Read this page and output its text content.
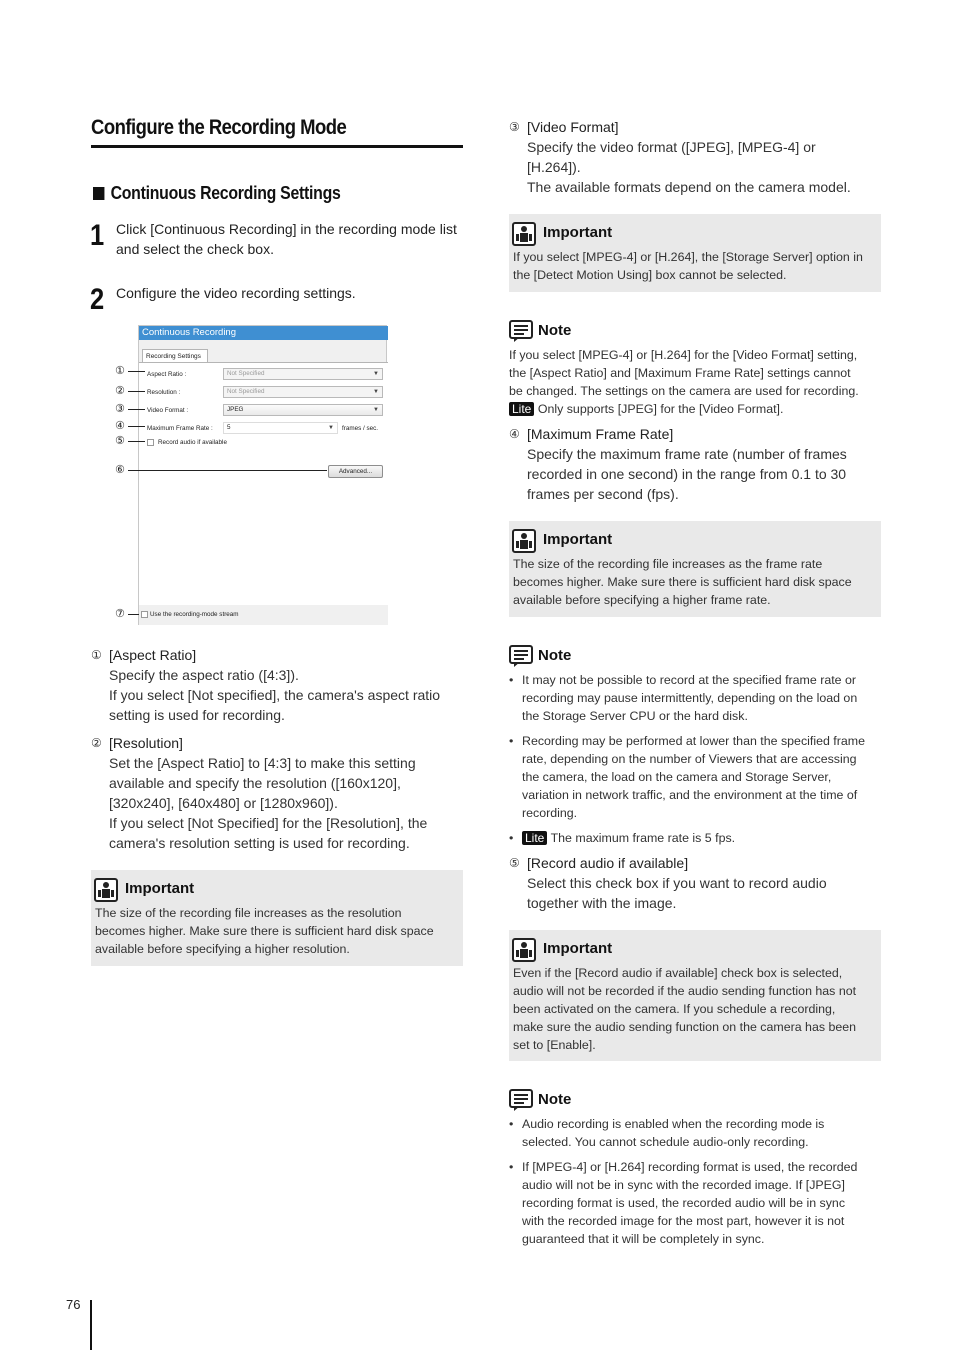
Configure the Recording Mode
Continuous Recording Settings
1 Click [Continuous Recording] in the recording mode list and select the check box.
2 Configure the video recording settings.
Continuous Recording
Recording Settings
Aspect Ratio :	Not Specified	▼
Resolution :	Not Specified	▼
Video Format :	JPEG	▼
Maximum Frame Rate :	5	▼ frames / sec.
Record audio if available
Advanced...
Use the recording-mode stream
①
②
③
④
⑤
⑥
⑦
① [Aspect Ratio]
Specify the aspect ratio ([4:3]).
If you select [Not specified], the camera's aspect ratio
setting is used for recording.
② [Resolution]
Set the [Aspect Ratio] to [4:3] to make this setting
available and specify the resolution ([160x120],
[320x240], [640x480] or [1280x960]).
If you select [Not Specified] for the [Resolution], the
camera's resolution setting is used for recording.
Important
The size of the recording file increases as the resolution
becomes higher. Make sure there is sufficient hard disk space
available before specifying a higher resolution.
③ [Video Format]
Specify the video format ([JPEG], [MPEG-4] or
[H.264]).
The available formats depend on the camera model.
Important
If you select [MPEG-4] or [H.264], the [Storage Server] option in
the [Detect Motion Using] box cannot be selected.
Note
If you select [MPEG-4] or [H.264] for the [Video Format] setting,
the [Aspect Ratio] and [Maximum Frame Rate] settings cannot
be changed. The settings on the camera are used for recording.
Lite Only supports [JPEG] for the [Video Format].
④ [Maximum Frame Rate]
Specify the maximum frame rate (number of frames
recorded in one second) in the range from 0.1 to 30
frames per second (fps).
Important
The size of the recording file increases as the frame rate
becomes higher. Make sure there is sufficient hard disk space
available before specifying a higher frame rate.
Note
• It may not be possible to record at the specified frame rate or
recording may pause intermittently, depending on the load on
the Storage Server CPU or the hard disk.
• Recording may be performed at lower than the specified frame
rate, depending on the number of Viewers that are accessing
the camera, the load on the camera and Storage Server,
variation in network traffic, and the environment at the time of
recording.
• Lite The maximum frame rate is 5 fps.
⑤ [Record audio if available]
Select this check box if you want to record audio
together with the image.
Important
Even if the [Record audio if available] check box is selected,
audio will not be recorded if the audio sending function has not
been activated on the camera. If you schedule a recording,
make sure the audio sending function on the camera has been
set to [Enable].
Note
• Audio recording is enabled when the recording mode is
selected. You cannot schedule audio-only recording.
• If [MPEG-4] or [H.264] recording format is used, the recorded
audio will not be in sync with the recorded image. If [JPEG]
recording format is used, the recorded audio will be in sync
with the recorded image for the most part, however it is not
guaranteed that it will be completely in sync.
76
